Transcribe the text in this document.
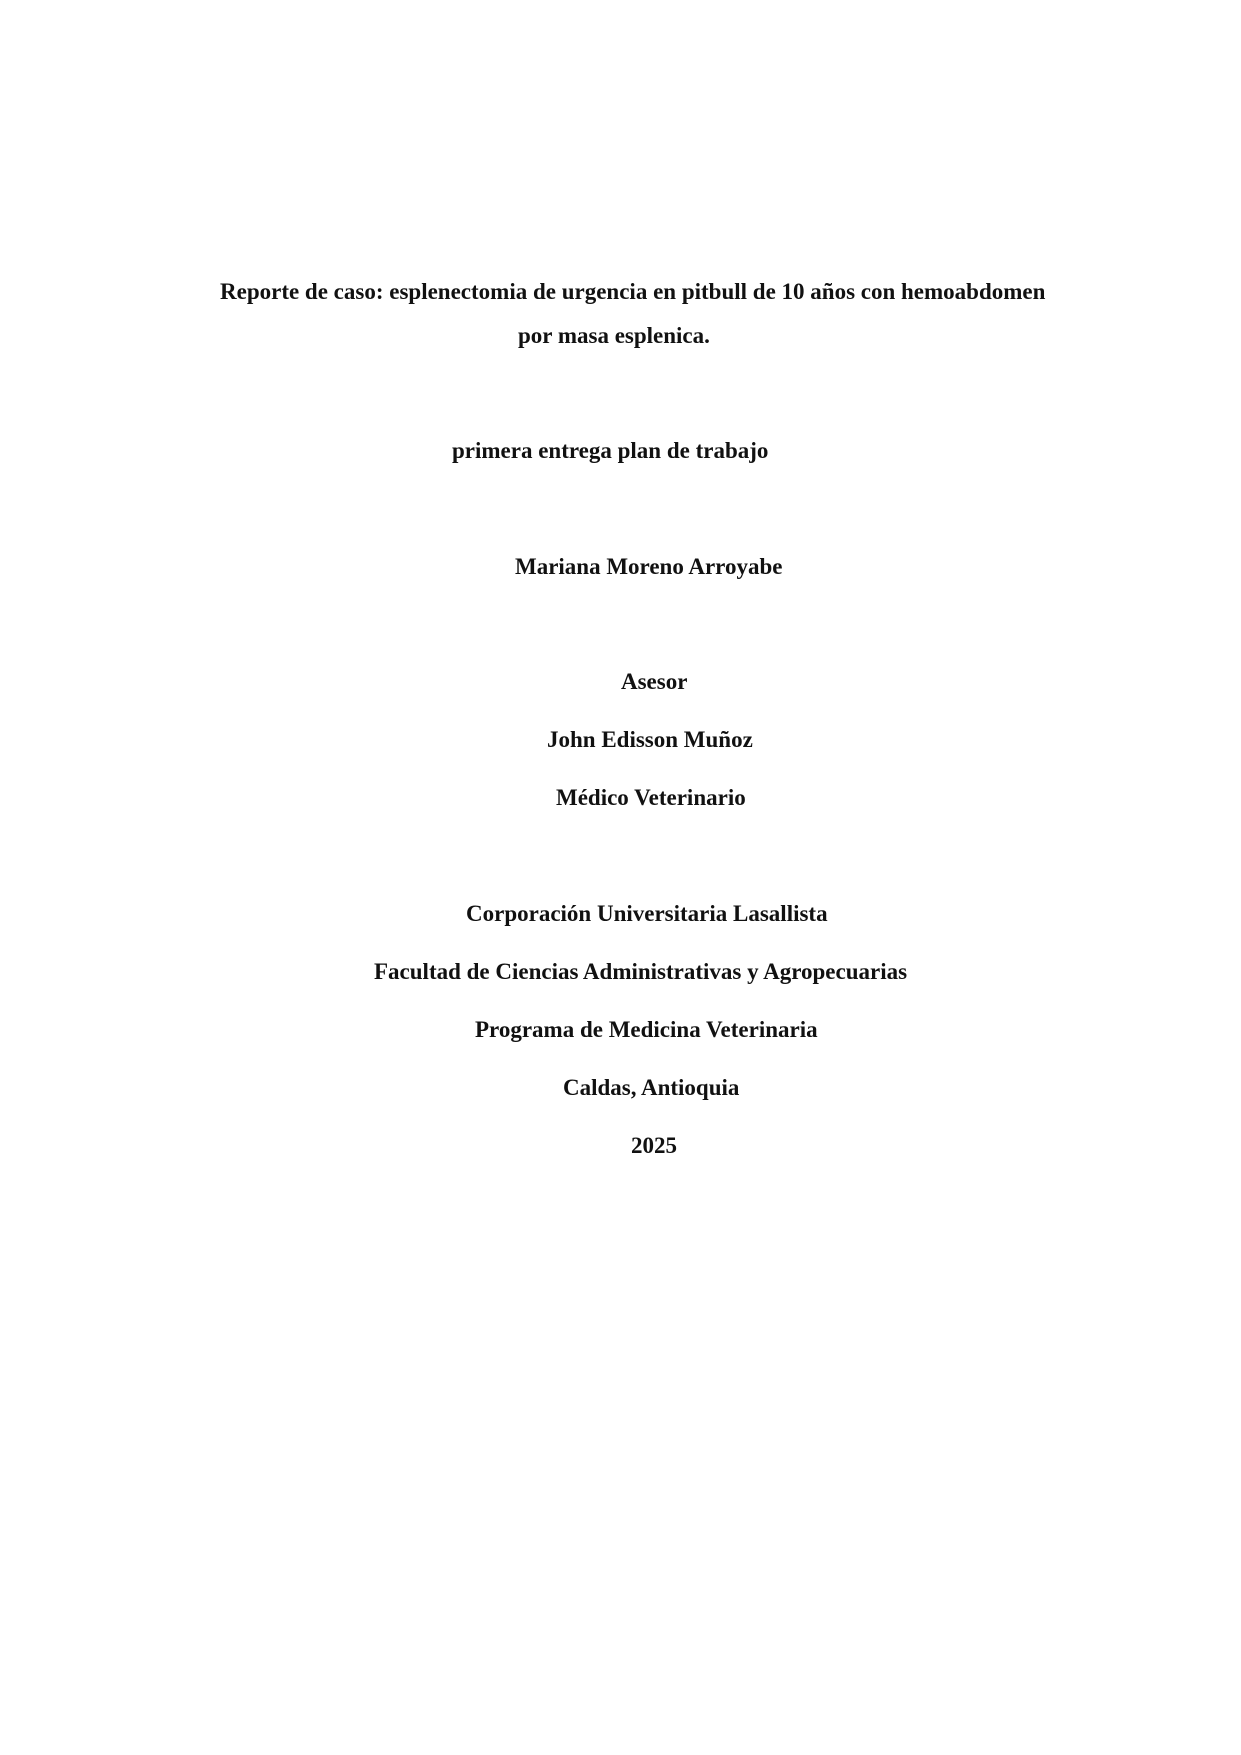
Reporte de caso: esplenectomia de urgencia en pitbull de 10 años con hemoabdomen

por masa esplenica.

primera entrega plan de trabajo

Mariana Moreno Arroyabe

Asesor

John Edisson Muñoz

Médico Veterinario

Corporación Universitaria Lasallista

Facultad de Ciencias Administrativas y Agropecuarias

Programa de Medicina Veterinaria

Caldas, Antioquia

2025
